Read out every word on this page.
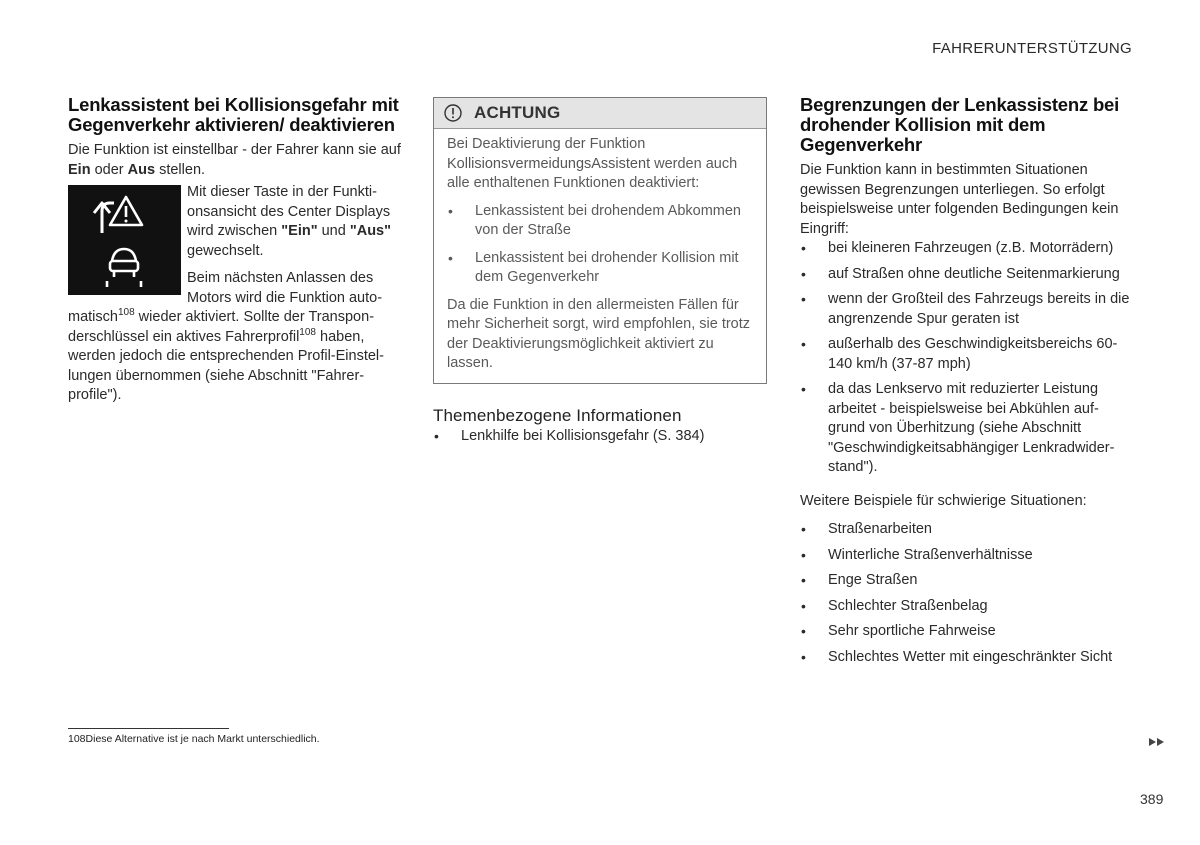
FAHRERUNTERSTÜTZUNG
Lenkassistent bei Kollisionsgefahr mit Gegenverkehr aktivieren/ deaktivieren

Die Funktion ist einstellbar - der Fahrer kann sie auf Ein oder Aus stellen.

Mit dieser Taste in der Funktionsansicht des Center Displays wird zwischen "Ein" und "Aus" gewechselt.

Beim nächsten Anlassen des Motors wird die Funktion automatisch$^{108}$ wieder aktiviert. Sollte der Transponderschlüssel ein aktives Fahrerprofil$^{108}$ haben, werden jedoch die entsprechenden Profil-Einstellungen übernommen (siehe Abschnitt "Fahrerprofile").

ACHTUNG

Bei Deaktivierung der Funktion KollisionsvermeidungsAssistent werden auch alle enthaltenen Funktionen deaktiviert:

• Lenkassistent bei drohendem Abkommen von der Straße
• Lenkassistent bei drohender Kollision mit dem Gegenverkehr

Da die Funktion in den allermeisten Fällen für mehr Sicherheit sorgt, wird empfohlen, sie trotz der Deaktivierungsmöglichkeit aktiviert zu lassen.

Themenbezogene Informationen
• Lenkhilfe bei Kollisionsgefahr (S. 384)
Begrenzungen der Lenkassistenz bei drohender Kollision mit dem Gegenverkehr

Die Funktion kann in bestimmten Situationen gewissen Begrenzungen unterliegen. So erfolgt beispielsweise unter folgenden Bedingungen kein Eingriff:

• bei kleineren Fahrzeugen (z.B. Motorrädern)
• auf Straßen ohne deutliche Seitenmarkierung
• wenn der Großteil des Fahrzeugs bereits in die angrenzende Spur geraten ist
• außerhalb des Geschwindigkeitsbereichs 60-140 km/h (37-87 mph)
• da das Lenkservo mit reduzierter Leistung arbeitet - beispielsweise bei Abkühlen aufgrund von Überhitzung (siehe Abschnitt "Geschwindigkeitsabhängiger Lenkradwiderstand").

Weitere Beispiele für schwierige Situationen:

• Straßenarbeiten
• Winterliche Straßenverhältnisse
• Enge Straßen
• Schlechter Straßenbelag
• Sehr sportliche Fahrweise
• Schlechtes Wetter mit eingeschränkter Sicht
108Diese Alternative ist je nach Markt unterschiedlich.
389
